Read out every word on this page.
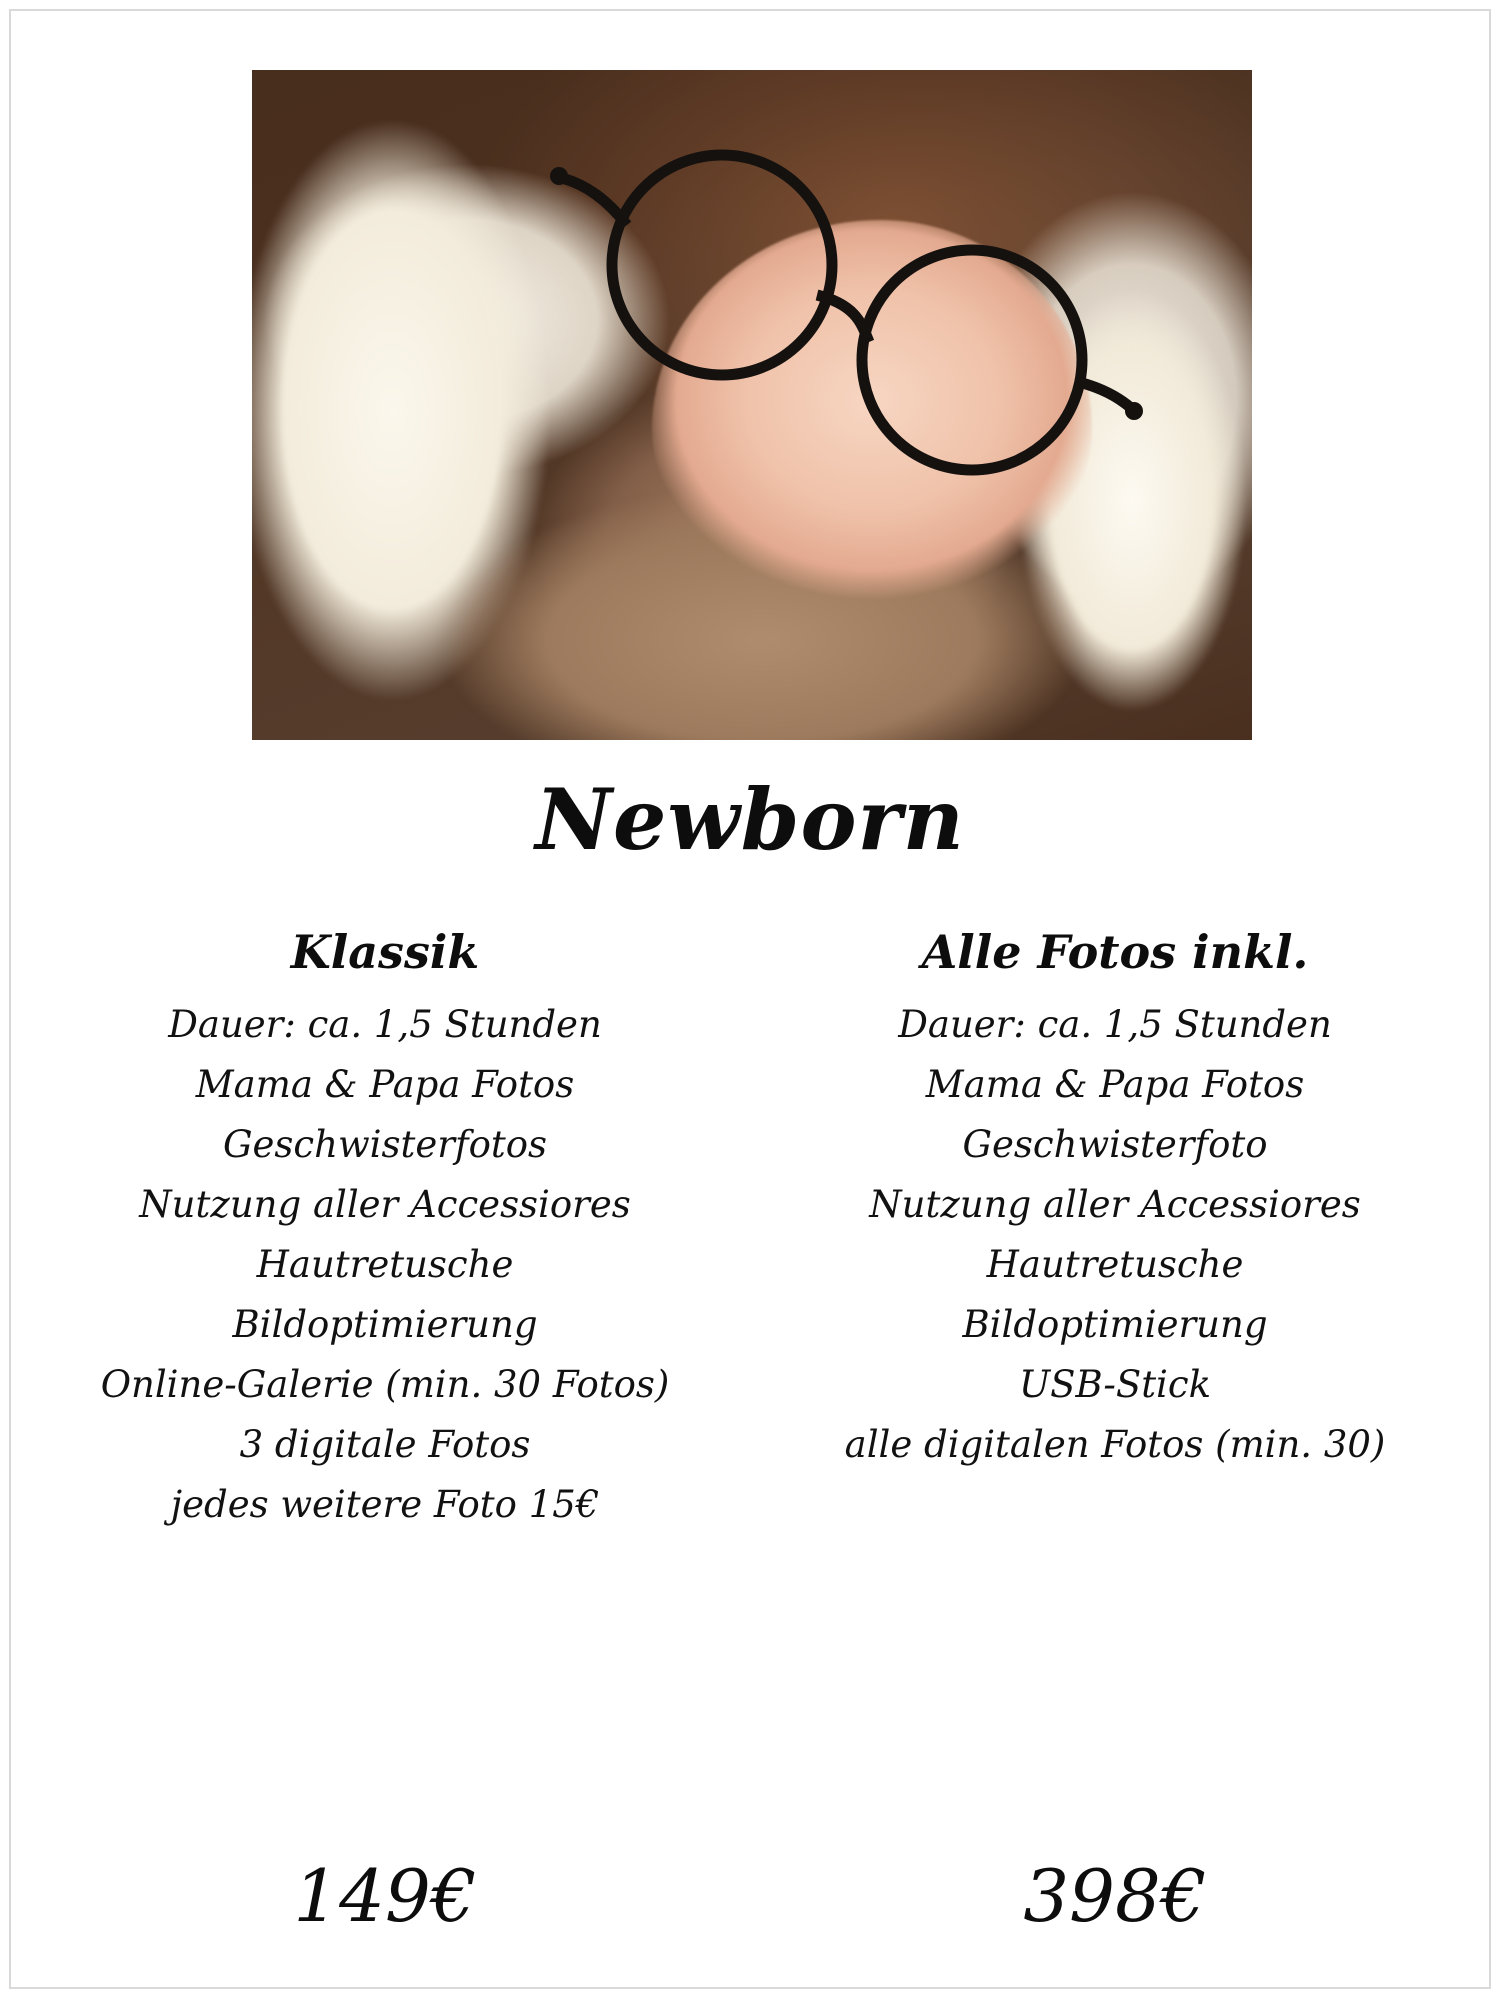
Newborn
Klassik
Dauer: ca. 1,5 Stunden
Mama & Papa Fotos
Geschwisterfotos
Nutzung aller Accessiores
Hautretusche
Bildoptimierung
Online-Galerie (min. 30 Fotos)
3 digitale Fotos
jedes weitere Foto 15€
Alle Fotos inkl.
Dauer: ca. 1,5 Stunden
Mama & Papa Fotos
Geschwisterfoto
Nutzung aller Accessiores
Hautretusche
Bildoptimierung
USB-Stick
alle digitalen Fotos (min. 30)
149€	398€
